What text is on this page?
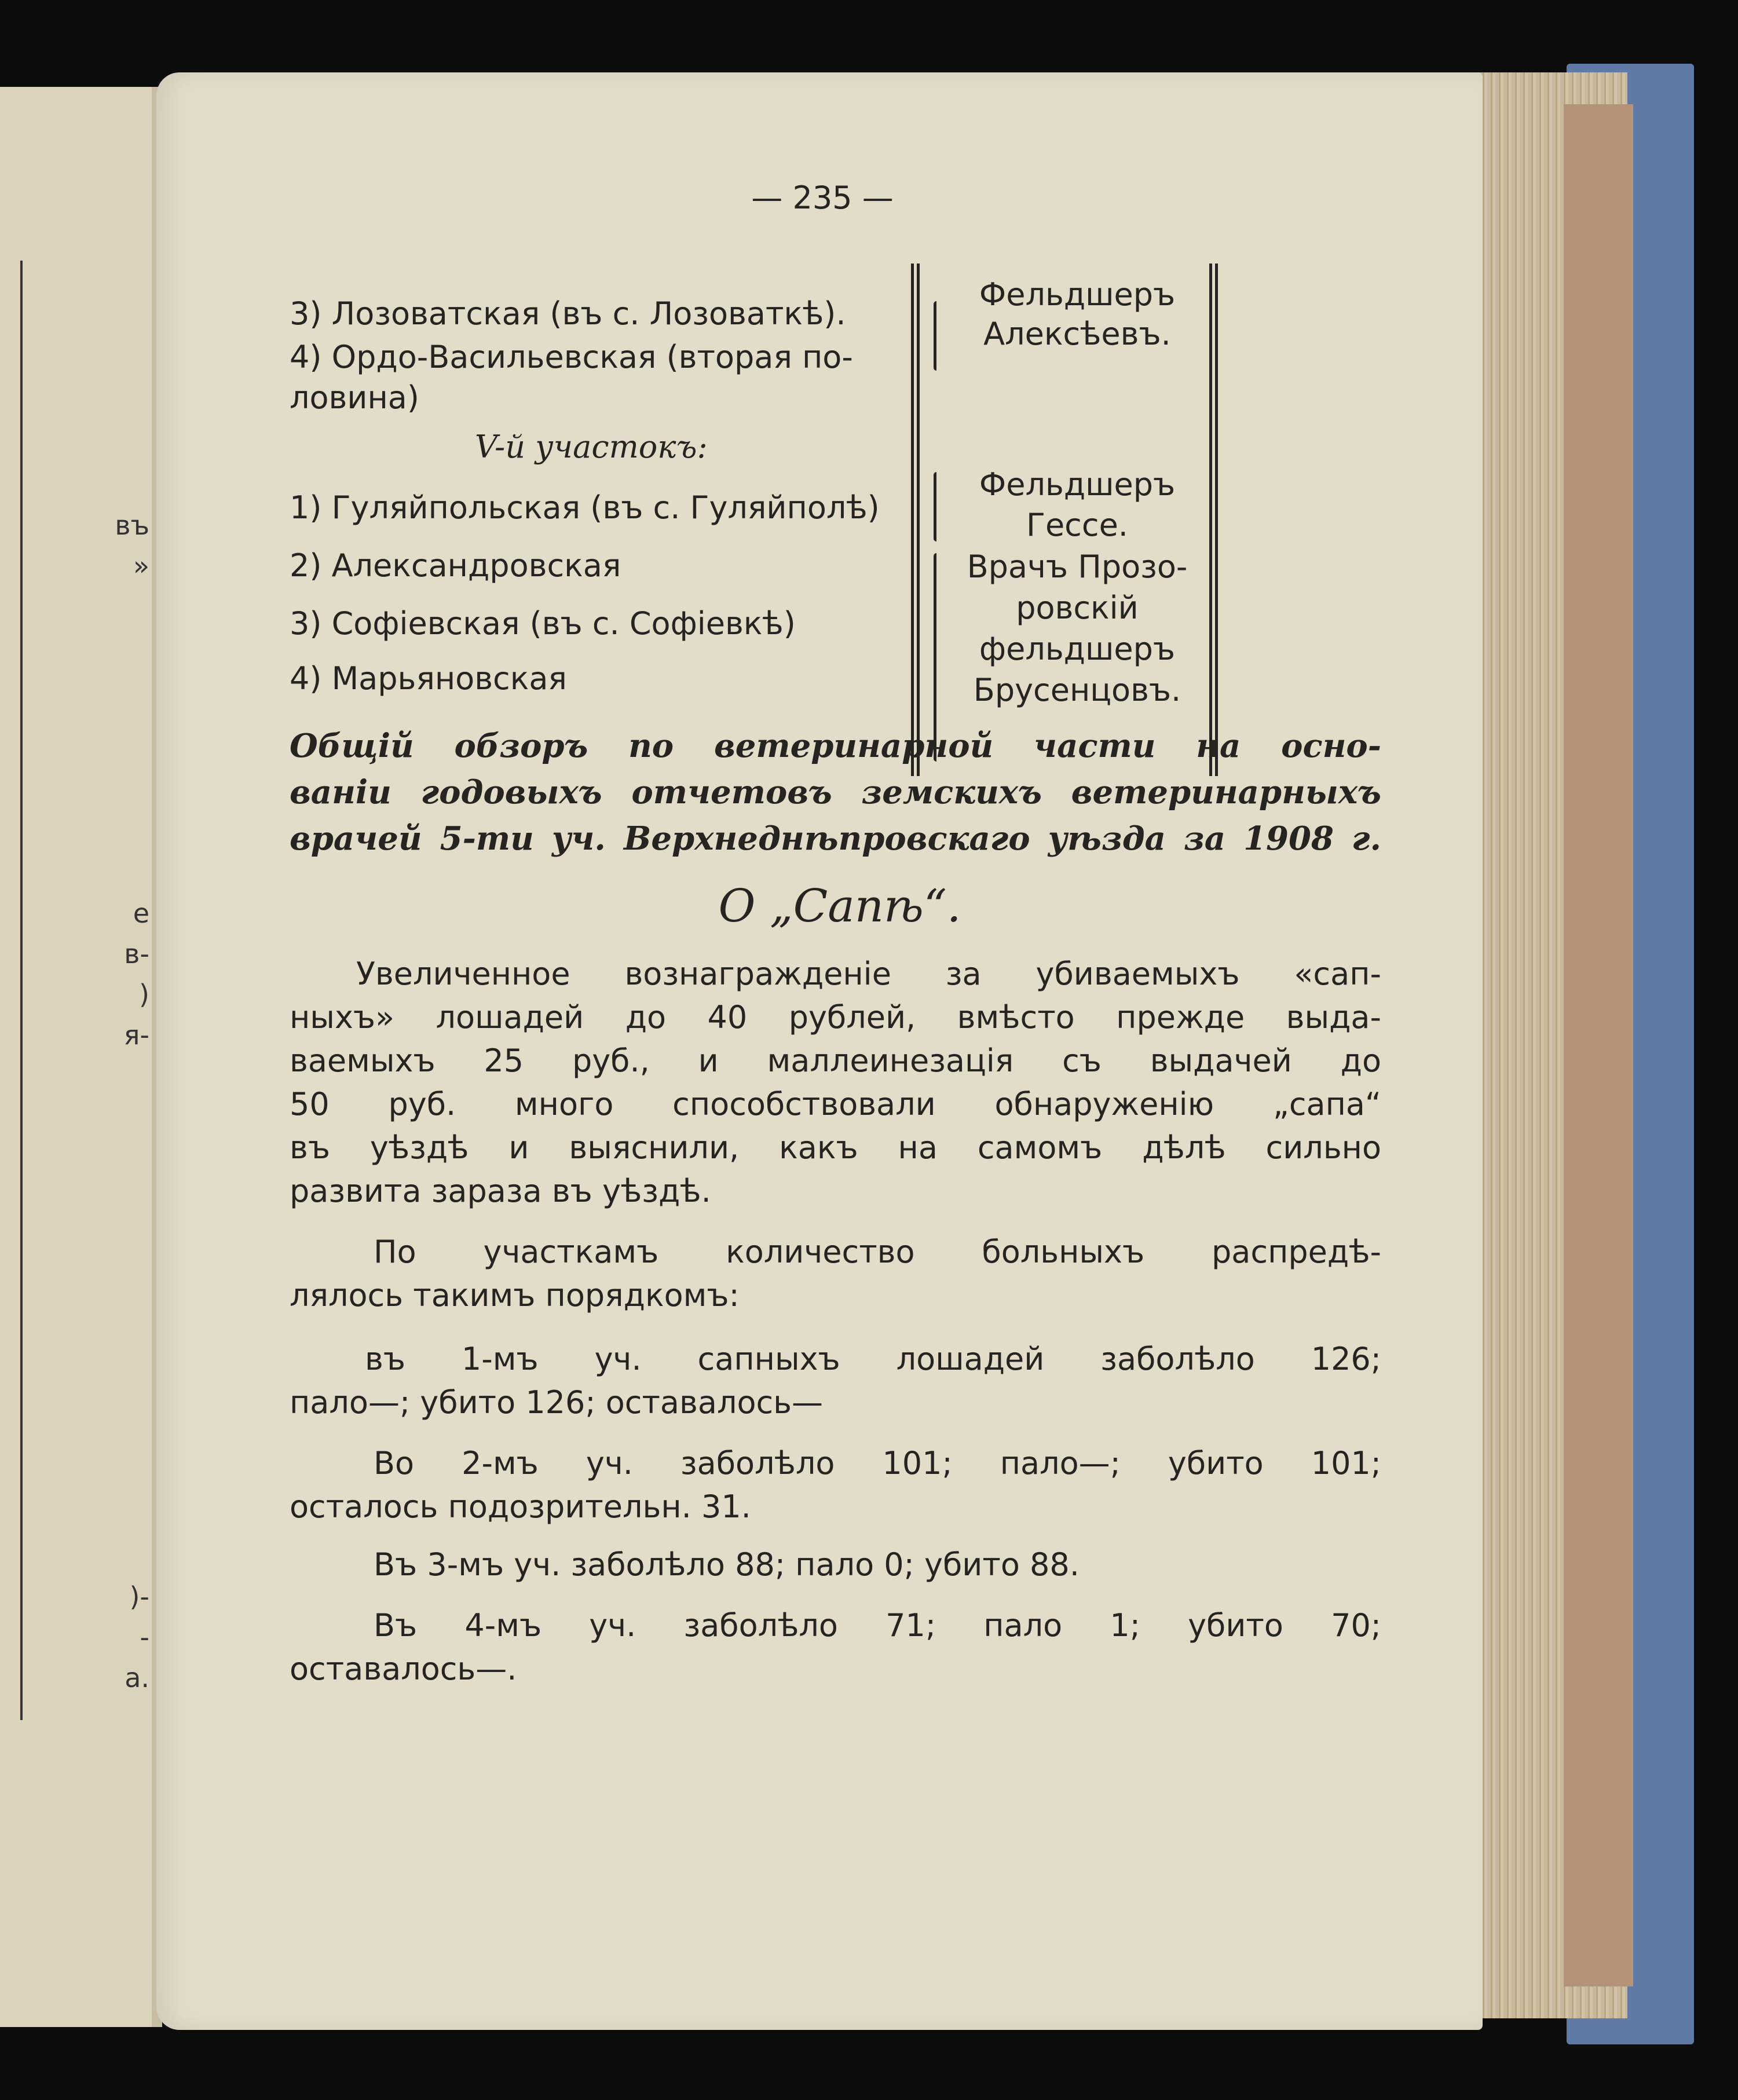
въ
»
е
в-
)
я-
)-
-
а.
— 235 —
3) Лозоватская (въ с. Лозоваткѣ).
4) Ордо-Васильевская (вторая по-
ловина)
V-й участокъ:
1) Гуляйпольская (въ с. Гуляйполѣ)
2) Александровская
3) Софіевская (въ с. Софіевкѣ)
4) Марьяновская
Фельдшеръ
Алексѣевъ.
Фельдшеръ
Гессе.
Врачъ Прозо-
ровскій
фельдшеръ
Брусенцовъ.
Общій обзоръ по ветеринарной части на осно-
ваніи годовыхъ отчетовъ земскихъ ветеринарныхъ
врачей 5-ти уч. Верхнеднѣпровскаго уѣзда за 1908 г.
О „Сапѣ“.
Увеличенное вознагражденіе за убиваемыхъ «сап-
ныхъ» лошадей до 40 рублей, вмѣсто прежде выда-
ваемыхъ 25 руб., и маллеинезація съ выдачей до
50 руб. много способствовали обнаруженію „сапа“
въ уѣздѣ и выяснили, какъ на самомъ дѣлѣ сильно
развита зараза въ уѣздѣ.
По участкамъ количество больныхъ распредѣ-
лялось такимъ порядкомъ:
въ 1-мъ уч. сапныхъ лошадей заболѣло 126;
пало—; убито 126; оставалось—
Во 2-мъ уч. заболѣло 101; пало—; убито 101;
осталось подозрительн. 31.
Въ 3-мъ уч. заболѣло 88; пало 0; убито 88.
Въ 4-мъ уч. заболѣло 71; пало 1; убито 70;
оставалось—.
